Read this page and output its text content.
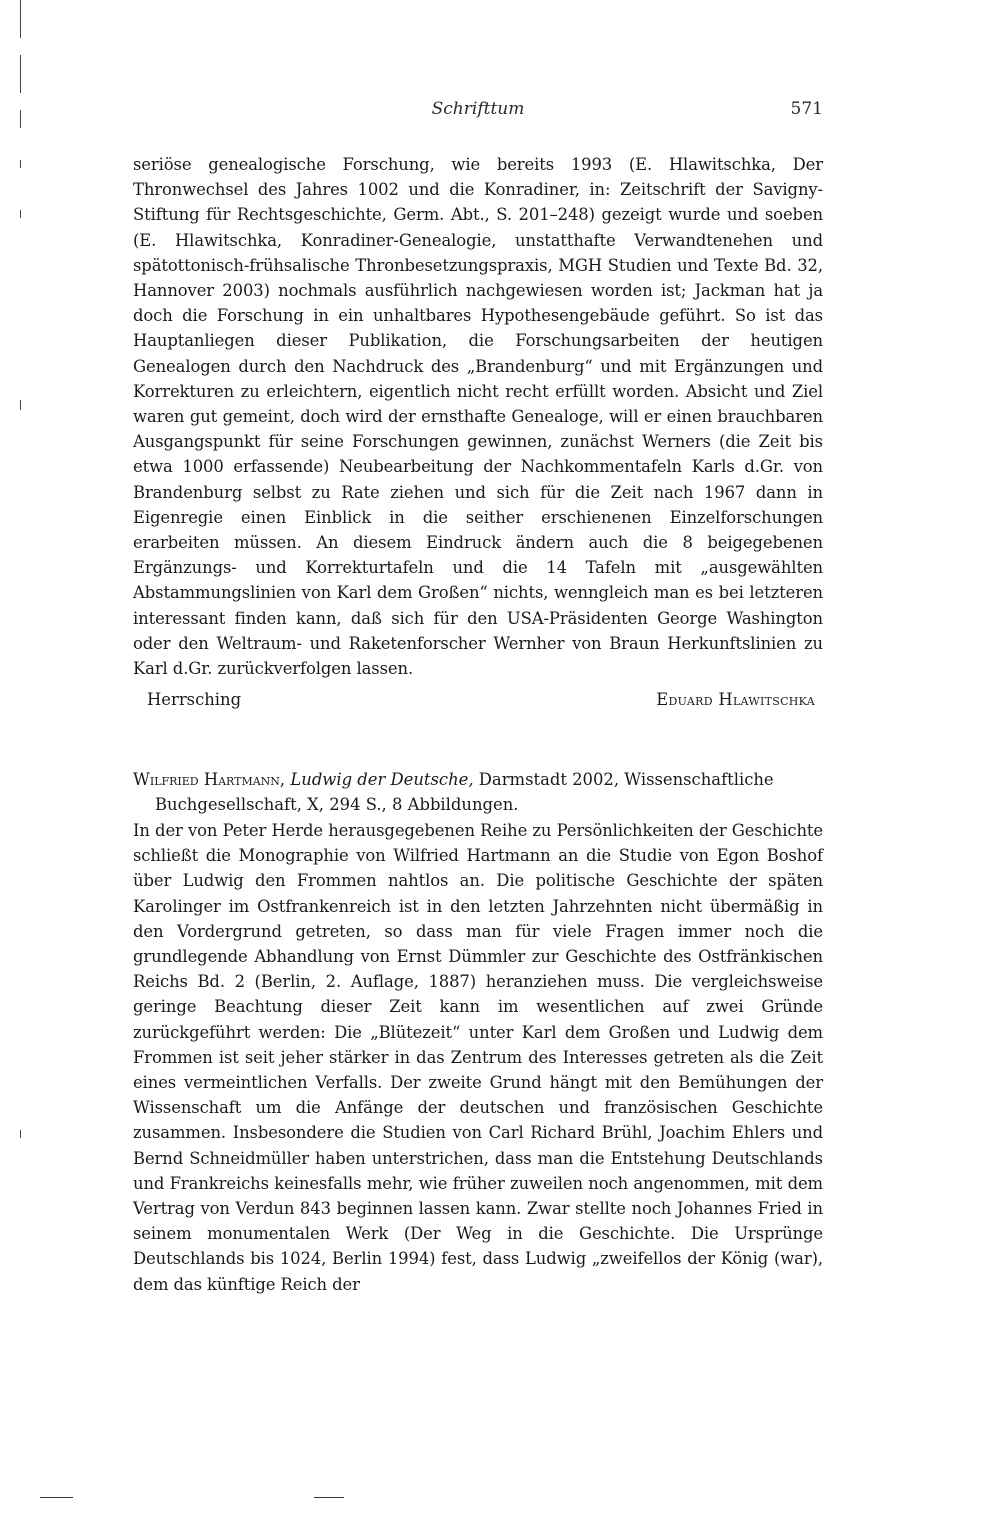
Schrifttum	571
seriöse genealogische Forschung, wie bereits 1993 (E. Hlawitschka, Der Thronwechsel des Jahres 1002 und die Konradiner, in: Zeitschrift der Savigny-Stiftung für Rechtsgeschichte, Germ. Abt., S. 201–248) gezeigt wurde und soeben (E. Hlawitschka, Konradiner-Genealogie, unstatthafte Verwandtenehen und spätottonisch-frühsalische Thronbesetzungspraxis, MGH Studien und Texte Bd. 32, Hannover 2003) nochmals ausführlich nachgewiesen worden ist; Jackman hat ja doch die Forschung in ein unhaltbares Hypothesengebäude geführt. So ist das Hauptanliegen dieser Publikation, die Forschungsarbeiten der heutigen Genealogen durch den Nachdruck des „Brandenburg“ und mit Ergänzungen und Korrekturen zu erleichtern, eigentlich nicht recht erfüllt worden. Absicht und Ziel waren gut gemeint, doch wird der ernsthafte Genealoge, will er einen brauchbaren Ausgangspunkt für seine Forschungen gewinnen, zunächst Werners (die Zeit bis etwa 1000 erfassende) Neubearbeitung der Nachkommentafeln Karls d.Gr. von Brandenburg selbst zu Rate ziehen und sich für die Zeit nach 1967 dann in Eigenregie einen Einblick in die seither erschienenen Einzelforschungen erarbeiten müssen. An diesem Eindruck ändern auch die 8 beigegebenen Ergänzungs- und Korrekturtafeln und die 14 Tafeln mit „ausgewählten Abstammungslinien von Karl dem Großen“ nichts, wenngleich man es bei letzteren interessant finden kann, daß sich für den USA-Präsidenten George Washington oder den Weltraum- und Raketenforscher Wernher von Braun Herkunftslinien zu Karl d.Gr. zurückverfolgen lassen.
Herrsching	Eduard Hlawitschka
Wilfried Hartmann, Ludwig der Deutsche, Darmstadt 2002, Wissenschaftliche Buchgesellschaft, X, 294 S., 8 Abbildungen.
In der von Peter Herde herausgegebenen Reihe zu Persönlichkeiten der Geschichte schließt die Monographie von Wilfried Hartmann an die Studie von Egon Boshof über Ludwig den Frommen nahtlos an. Die politische Geschichte der späten Karolinger im Ostfrankenreich ist in den letzten Jahrzehnten nicht übermäßig in den Vordergrund getreten, so dass man für viele Fragen immer noch die grundlegende Abhandlung von Ernst Dümmler zur Geschichte des Ostfränkischen Reichs Bd. 2 (Berlin, 2. Auflage, 1887) heranziehen muss. Die vergleichsweise geringe Beachtung dieser Zeit kann im wesentlichen auf zwei Gründe zurückgeführt werden: Die „Blütezeit“ unter Karl dem Großen und Ludwig dem Frommen ist seit jeher stärker in das Zentrum des Interesses getreten als die Zeit eines vermeintlichen Verfalls. Der zweite Grund hängt mit den Bemühungen der Wissenschaft um die Anfänge der deutschen und französischen Geschichte zusammen. Insbesondere die Studien von Carl Richard Brühl, Joachim Ehlers und Bernd Schneidmüller haben unterstrichen, dass man die Entstehung Deutschlands und Frankreichs keinesfalls mehr, wie früher zuweilen noch angenommen, mit dem Vertrag von Verdun 843 beginnen lassen kann. Zwar stellte noch Johannes Fried in seinem monumentalen Werk (Der Weg in die Geschichte. Die Ursprünge Deutschlands bis 1024, Berlin 1994) fest, dass Ludwig „zweifellos der König (war), dem das künftige Reich der
